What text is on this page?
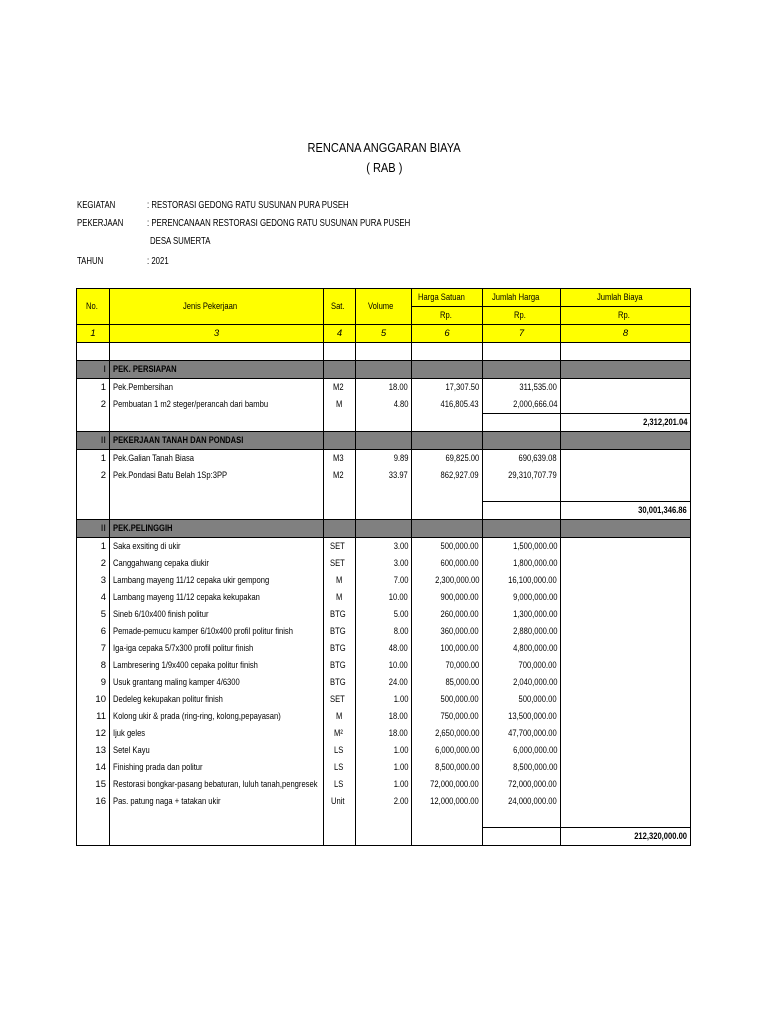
RENCANA ANGGARAN BIAYA
( RAB )
KEGIATAN	: RESTORASI GEDONG RATU SUSUNAN PURA PUSEH
PEKERJAAN : PERENCANAAN RESTORASI GEDONG RATU SUSUNAN PURA PUSEH
DESA SUMERTA
TAHUN	: 2021
No.	Jenis Pekerjaan	Sat.	Volume	Harga Satuan	Jumlah Harga	Jumlah Biaya
				Rp.	Rp.	Rp.
1	3	4	5	6	7	8

I	PEK. PERSIAPAN					
1	Pek.Pembersihan	M2	18.00	17,307.50	311,535.00	
2	Pembuatan 1 m2 steger/perancah dari bambu	M	4.80	416,805.43	2,000,666.04	
						2,312,201.04
II	PEKERJAAN TANAH DAN PONDASI					
1	Pek.Galian Tanah Biasa	M3	9.89	69,825.00	690,639.08	
2	Pek.Pondasi Batu Belah 1Sp:3PP	M2	33.97	862,927.09	29,310,707.79	

						30,001,346.86
II	PEK.PELINGGIH					
1	Saka exsiting di ukir	SET	3.00	500,000.00	1,500,000.00	
2	Canggahwang cepaka diukir	SET	3.00	600,000.00	1,800,000.00	
3	Lambang mayeng 11/12 cepaka ukir gempong	M	7.00	2,300,000.00	16,100,000.00	
4	Lambang mayeng 11/12 cepaka kekupakan	M	10.00	900,000.00	9,000,000.00	
5	Sineb 6/10x400 finish politur	BTG	5.00	260,000.00	1,300,000.00	
6	Pemade-pemucu kamper 6/10x400 profil politur finish	BTG	8.00	360,000.00	2,880,000.00	
7	Iga-iga cepaka 5/7x300 profil politur finish	BTG	48.00	100,000.00	4,800,000.00	
8	Lambresering 1/9x400 cepaka politur finish	BTG	10.00	70,000.00	700,000.00	
9	Usuk grantang maling kamper 4/6300	BTG	24.00	85,000.00	2,040,000.00	
10	Dedeleg kekupakan politur finish	SET	1.00	500,000.00	500,000.00	
11	Kolong ukir & prada (ring-ring, kolong,pepayasan)	M	18.00	750,000.00	13,500,000.00	
12	Ijuk geles	M²	18.00	2,650,000.00	47,700,000.00	
13	Setel Kayu	LS	1.00	6,000,000.00	6,000,000.00	
14	Finishing prada dan politur	LS	1.00	8,500,000.00	8,500,000.00	
15	Restorasi bongkar-pasang bebaturan, luluh tanah,pengresek	LS	1.00	72,000,000.00	72,000,000.00	
16	Pas. patung naga + tatakan ukir	Unit	2.00	12,000,000.00	24,000,000.00	

						212,320,000.00
